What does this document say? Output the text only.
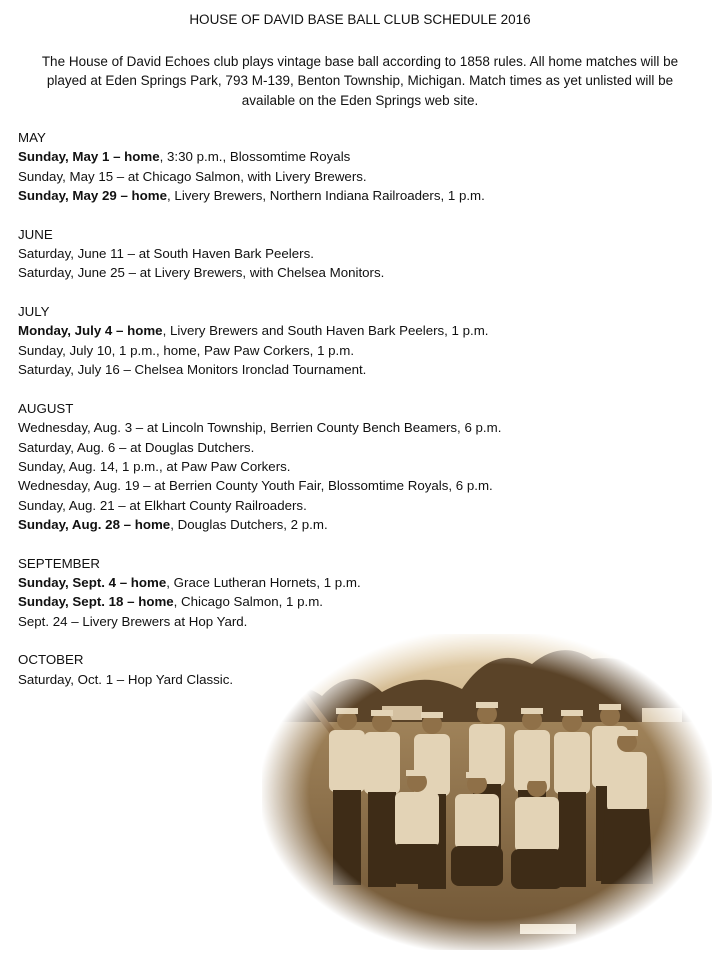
HOUSE OF DAVID BASE BALL CLUB SCHEDULE 2016
The House of David Echoes club plays vintage base ball according to 1858 rules. All home matches will be played at Eden Springs Park, 793 M-139, Benton Township, Michigan. Match times as yet unlisted will be available on the Eden Springs web site.
MAY
Sunday, May 1 – home, 3:30 p.m., Blossomtime Royals
Sunday, May 15 – at Chicago Salmon, with Livery Brewers.
Sunday, May 29 – home, Livery Brewers, Northern Indiana Railroaders, 1 p.m.
JUNE
Saturday, June 11 – at South Haven Bark Peelers.
Saturday, June 25 – at Livery Brewers, with Chelsea Monitors.
JULY
Monday, July 4 – home, Livery Brewers and South Haven Bark Peelers, 1 p.m.
Sunday, July 10, 1 p.m., home, Paw Paw Corkers, 1 p.m.
Saturday, July 16 – Chelsea Monitors Ironclad Tournament.
AUGUST
Wednesday, Aug. 3 – at Lincoln Township, Berrien County Bench Beamers, 6 p.m.
Saturday, Aug. 6 – at Douglas Dutchers.
Sunday, Aug. 14, 1 p.m., at Paw Paw Corkers.
Wednesday, Aug. 19 – at Berrien County Youth Fair, Blossomtime Royals, 6 p.m.
Sunday, Aug. 21 – at Elkhart County Railroaders.
Sunday, Aug. 28 – home, Douglas Dutchers, 2 p.m.
SEPTEMBER
Sunday, Sept. 4 – home, Grace Lutheran Hornets, 1 p.m.
Sunday, Sept. 18 – home, Chicago Salmon, 1 p.m.
Sept. 24 – Livery Brewers at Hop Yard.
OCTOBER
Saturday, Oct. 1 – Hop Yard Classic.
